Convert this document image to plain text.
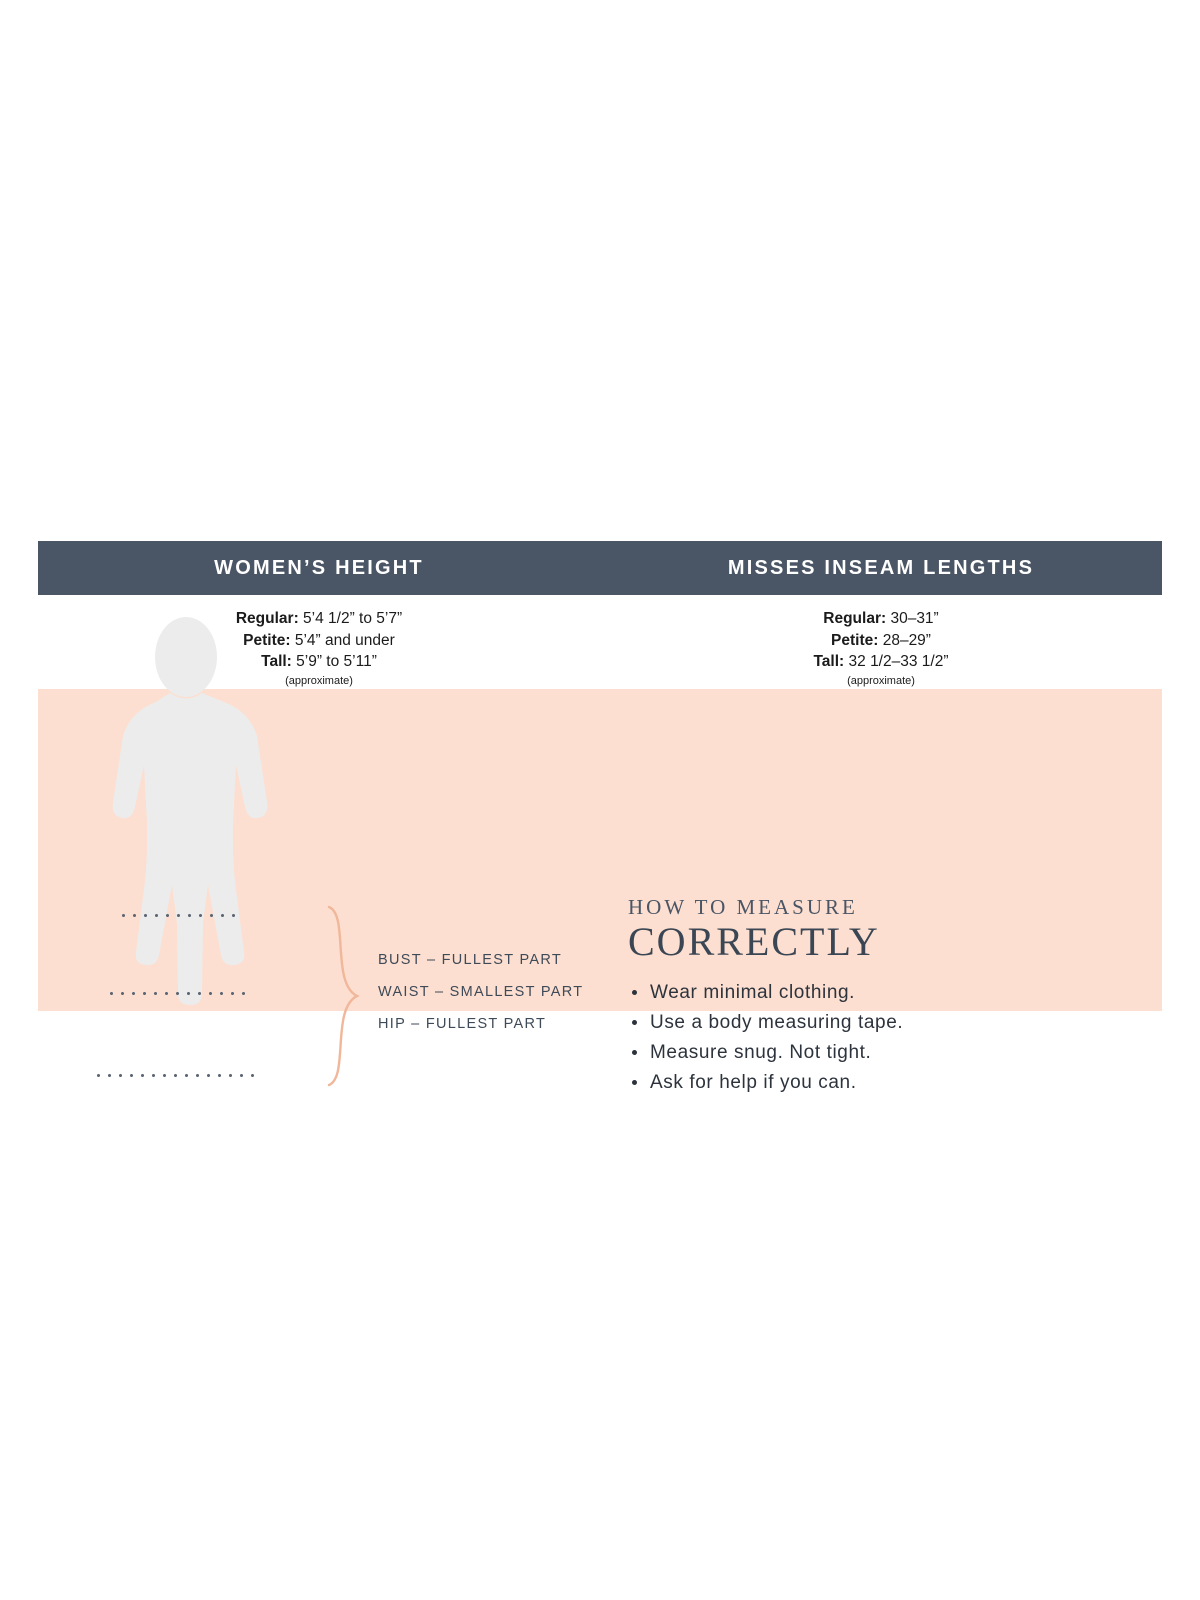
WOMEN’S HEIGHT	MISSES INSEAM LENGTHS
Regular: 5’4 1/2” to 5’7”
Petite: 5’4” and under
Tall: 5’9” to 5’11”
(approximate)
Regular: 30–31”
Petite: 28–29”
Tall: 32 1/2–33 1/2”
(approximate)
BUST – FULLEST PART
WAIST – SMALLEST PART
HIP – FULLEST PART
HOW TO MEASURE
CORRECTLY
Wear minimal clothing.
Use a body measuring tape.
Measure snug. Not tight.
Ask for help if you can.
